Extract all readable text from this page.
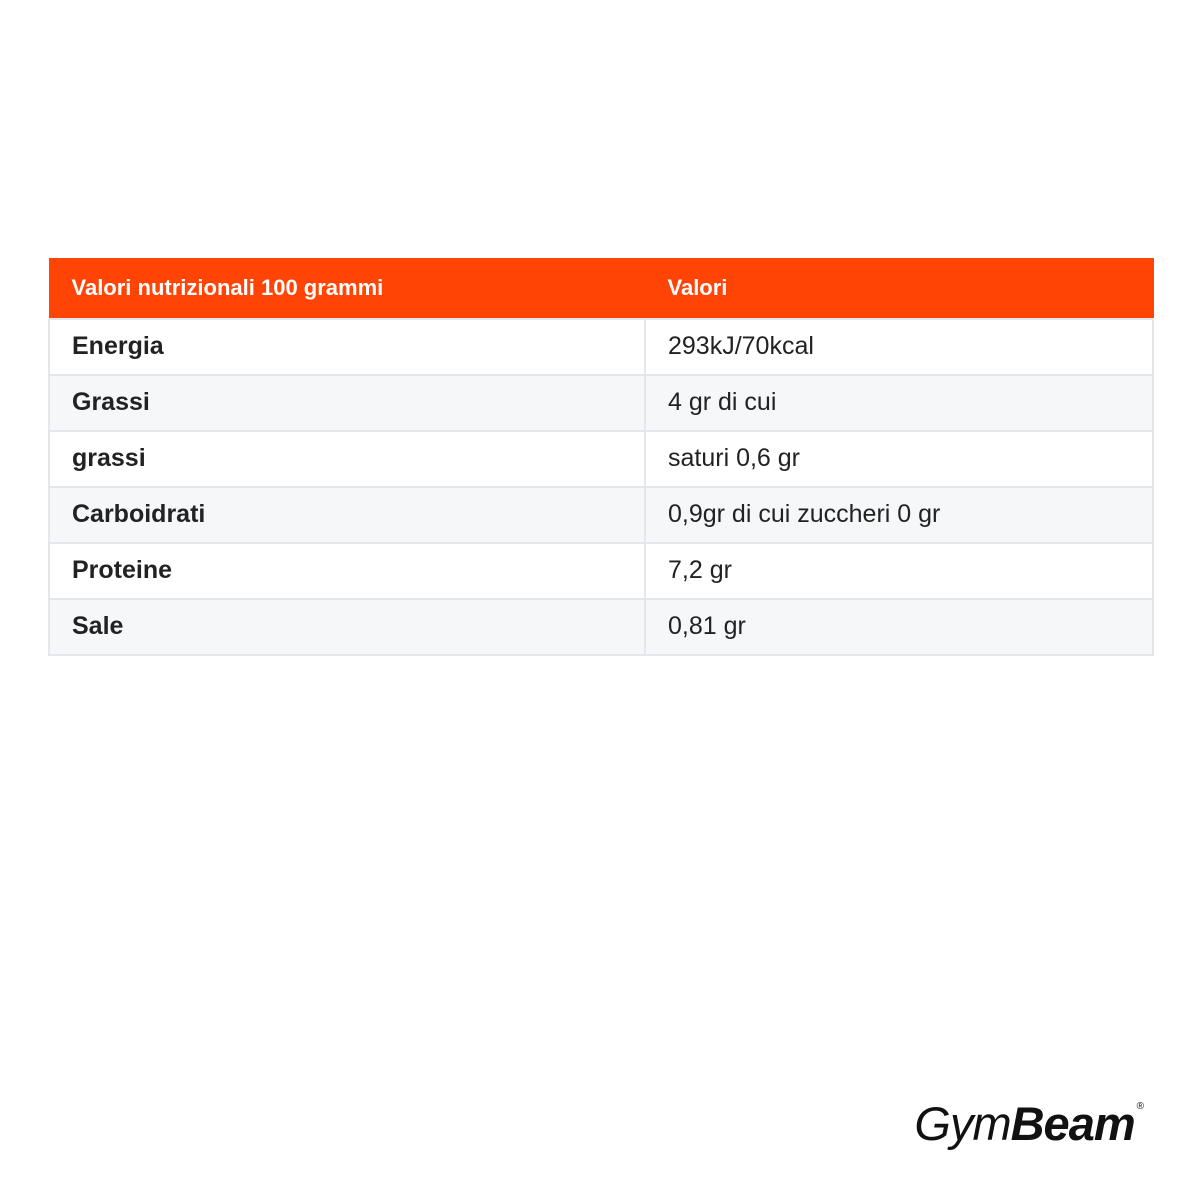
Valori nutrizionali 100 grammi	Valori
Energia	293kJ/70kcal
Grassi	4 gr di cui
grassi	saturi 0,6 gr
Carboidrati	0,9gr di cui zuccheri 0 gr
Proteine	7,2 gr
Sale	0,81 gr
Gym Beam ®
